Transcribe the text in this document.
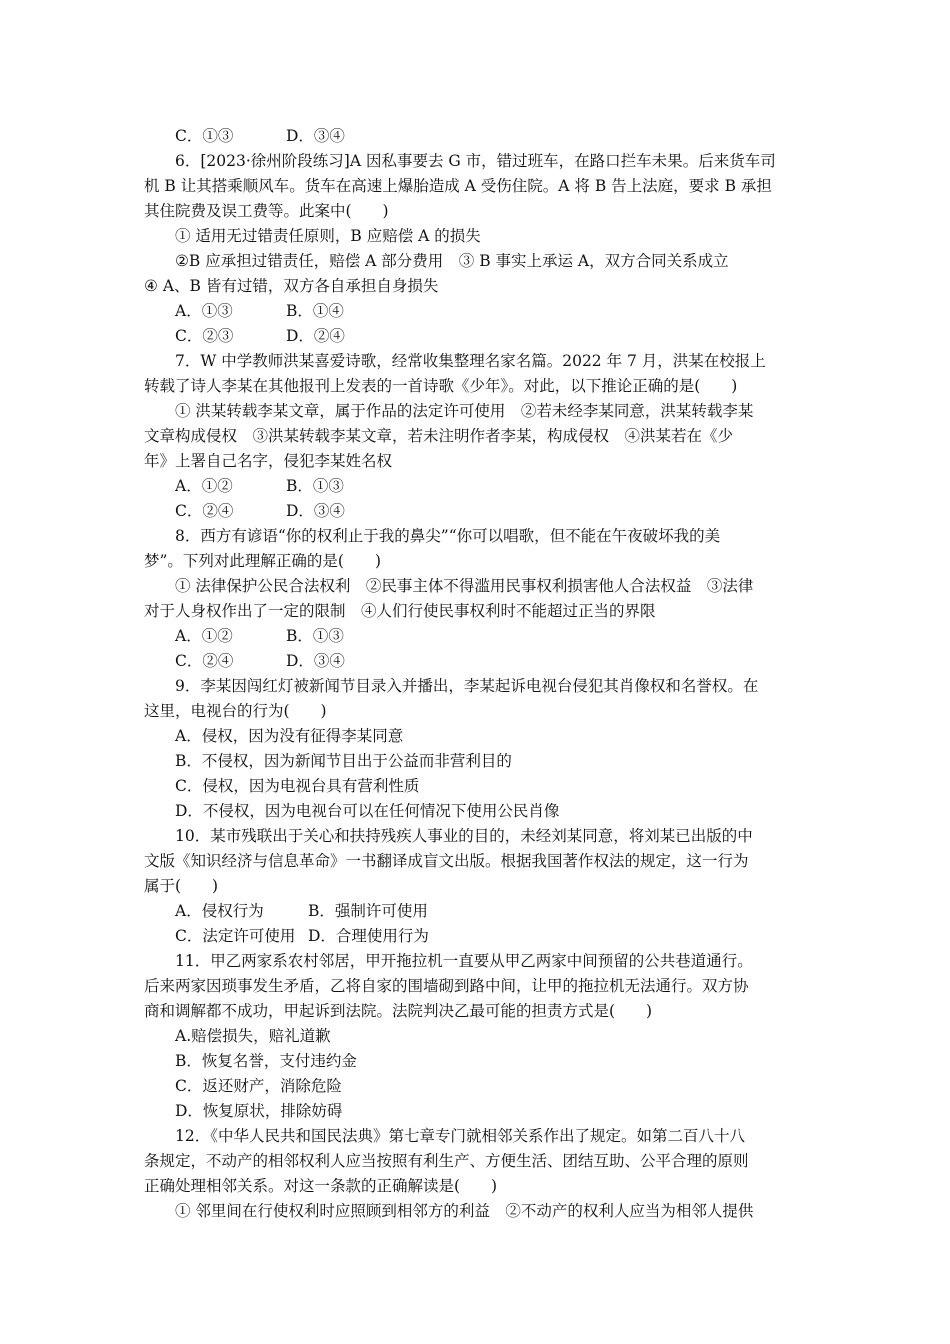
C．①③	D．③④
6．[2023·徐州阶段练习]A 因私事要去 G 市，错过班车，在路口拦车未果。后来货车司
机 B 让其搭乘顺风车。货车在高速上爆胎造成 A 受伤住院。A 将 B 告上法庭，要求 B 承担
其住院费及误工费等。此案中(　　)
① 适用无过错责任原则，B 应赔偿 A 的损失
②B 应承担过错责任，赔偿 A 部分费用　③ B 事实上承运 A，双方合同关系成立
④ A、B 皆有过错，双方各自承担自身损失
A．①③	B．①④
C．②③	D．②④
7．W 中学教师洪某喜爱诗歌，经常收集整理名家名篇。2022 年 7 月，洪某在校报上
转载了诗人李某在其他报刊上发表的一首诗歌《少年》。对此，以下推论正确的是(　　)
① 洪某转载李某文章，属于作品的法定许可使用　②若未经李某同意，洪某转载李某
文章构成侵权　③洪某转载李某文章，若未注明作者李某，构成侵权　④洪某若在《少
年》上署自己名字，侵犯李某姓名权
A．①②	B．①③
C．②④	D．③④
8．西方有谚语“你的权利止于我的鼻尖”“你可以唱歌，但不能在午夜破坏我的美
梦”。下列对此理解正确的是(　　)
① 法律保护公民合法权利　②民事主体不得滥用民事权利损害他人合法权益　③法律
对于人身权作出了一定的限制　④人们行使民事权利时不能超过正当的界限
A．①②	B．①③
C．②④	D．③④
9．李某因闯红灯被新闻节目录入并播出，李某起诉电视台侵犯其肖像权和名誉权。在
这里，电视台的行为(　　)
A．侵权，因为没有征得李某同意
B．不侵权，因为新闻节目出于公益而非营利目的
C．侵权，因为电视台具有营利性质
D．不侵权，因为电视台可以在任何情况下使用公民肖像
10．某市残联出于关心和扶持残疾人事业的目的，未经刘某同意，将刘某已出版的中
文版《知识经济与信息革命》一书翻译成盲文出版。根据我国著作权法的规定，这一行为
属于(　　)
A．侵权行为	B．强制许可使用
C．法定许可使用 D．合理使用行为
11．甲乙两家系农村邻居，甲开拖拉机一直要从甲乙两家中间预留的公共巷道通行。
后来两家因琐事发生矛盾，乙将自家的围墙砌到路中间，让甲的拖拉机无法通行。双方协
商和调解都不成功，甲起诉到法院。法院判决乙最可能的担责方式是(　　)
A.赔偿损失，赔礼道歉
B．恢复名誉，支付违约金
C．返还财产，消除危险
D．恢复原状，排除妨碍
12．《中华人民共和国民法典》第七章专门就相邻关系作出了规定。如第二百八十八
条规定，不动产的相邻权利人应当按照有利生产、方便生活、团结互助、公平合理的原则
正确处理相邻关系。对这一条款的正确解读是(　　)
① 邻里间在行使权利时应照顾到相邻方的利益　②不动产的权利人应当为相邻人提供
